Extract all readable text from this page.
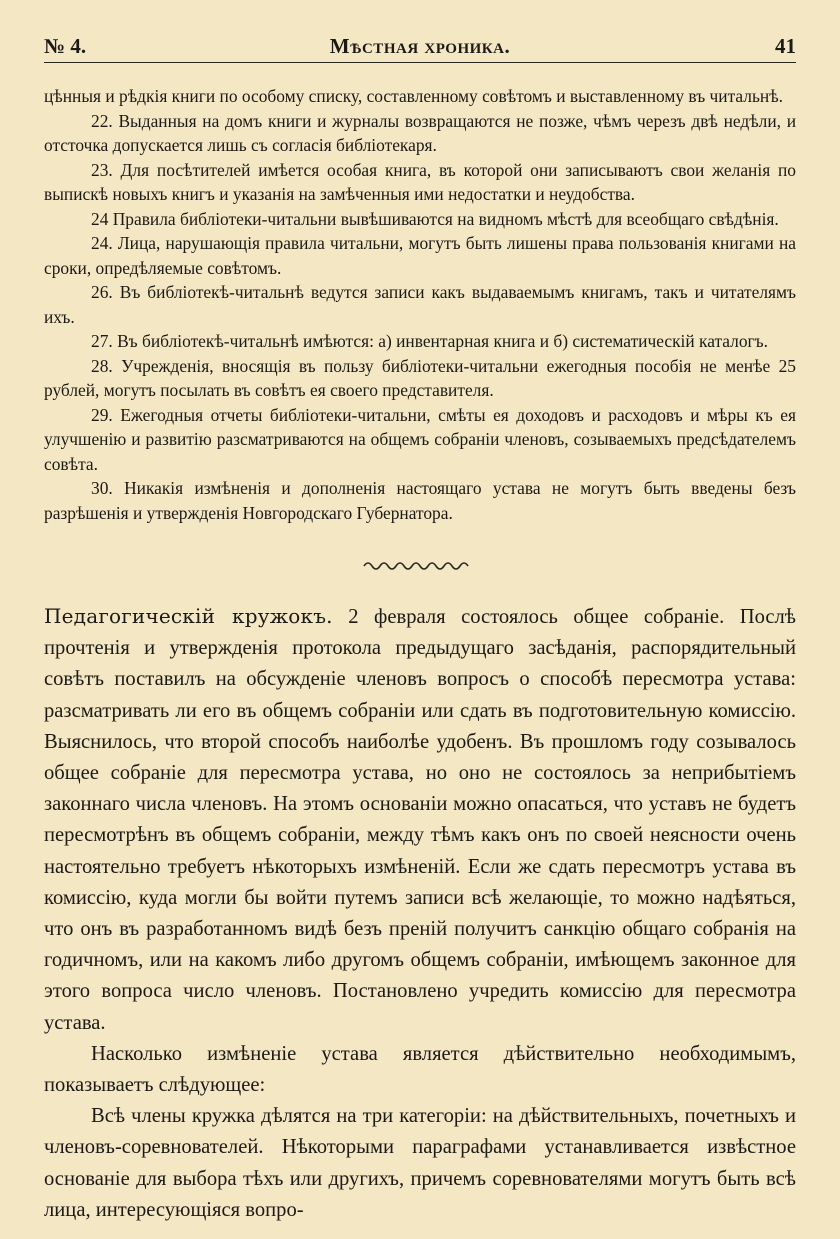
№ 4.	Мѣстная хроника.	41

цѣнныя и рѣдкія книги по особому списку, составленному совѣтомъ и выставленному въ читальнѣ.

22. Выданныя на домъ книги и журналы возвращаются не позже, чѣмъ черезъ двѣ недѣли, и отсточка допускается лишь съ согласія библіотекаря.

23. Для посѣтителей имѣется особая книга, въ которой они записываютъ свои желанія по выпискѣ новыхъ книгъ и указанія на замѣченныя ими недостатки и неудобства.

24 Правила библіотеки-читальни вывѣшиваются на видномъ мѣстѣ для всеобщаго свѣдѣнія.

24. Лица, нарушающія правила читальни, могутъ быть лишены права пользованія книгами на сроки, опредѣляемые совѣтомъ.

26. Въ библіотекѣ-читальнѣ ведутся записи какъ выдаваемымъ книгамъ, такъ и читателямъ ихъ.

27. Въ библіотекѣ-читальнѣ имѣются: а) инвентарная книга и б) систематическій каталогъ.

28. Учрежденія, вносящія въ пользу библіотеки-читальни ежегодныя пособія не менѣе 25 рублей, могутъ посылать въ совѣтъ ея своего представителя.

29. Ежегодныя отчеты библіотеки-читальни, смѣты ея доходовъ и расходовъ и мѣры къ ея улучшенію и развитію разсматриваются на общемъ собраніи членовъ, созываемыхъ предсѣдателемъ совѣта.

30. Никакія измѣненія и дополненія настоящаго устава не могутъ быть введены безъ разрѣшенія и утвержденія Новгородскаго Губернатора.

Педагогическій кружокъ. 2 февраля состоялось общее собраніе. Послѣ прочтенія и утвержденія протокола предыдущаго засѣданія, распорядительный совѣтъ поставилъ на обсужденіе членовъ вопросъ о способѣ пересмотра устава: разсматривать ли его въ общемъ собраніи или сдать въ подготовительную комиссію. Выяснилось, что второй способъ наиболѣе удобенъ. Въ прошломъ году созывалось общее собраніе для пересмотра устава, но оно не состоялось за неприбытіемъ законнаго числа членовъ. На этомъ основаніи можно опасаться, что уставъ не будетъ пересмотрѣнъ въ общемъ собраніи, между тѣмъ какъ онъ по своей неясности очень настоятельно требуетъ нѣкоторыхъ измѣненій. Если же сдать пересмотръ устава въ комиссію, куда могли бы войти путемъ записи всѣ желающіе, то можно надѣяться, что онъ въ разработанномъ видѣ безъ преній получитъ санкцію общаго собранія на годичномъ, или на какомъ либо другомъ общемъ собраніи, имѣющемъ законное для этого вопроса число членовъ. Постановлено учредить комиссію для пересмотра устава.

Насколько измѣненіе устава является дѣйствительно необходимымъ, показываетъ слѣдующее:

Всѣ члены кружка дѣлятся на три категоріи: на дѣйствительныхъ, почетныхъ и членовъ-соревнователей. Нѣкоторыми параграфами устанавливается извѣстное основаніе для выбора тѣхъ или другихъ, причемъ соревнователями могутъ быть всѣ лица, интересующіяся вопро-
